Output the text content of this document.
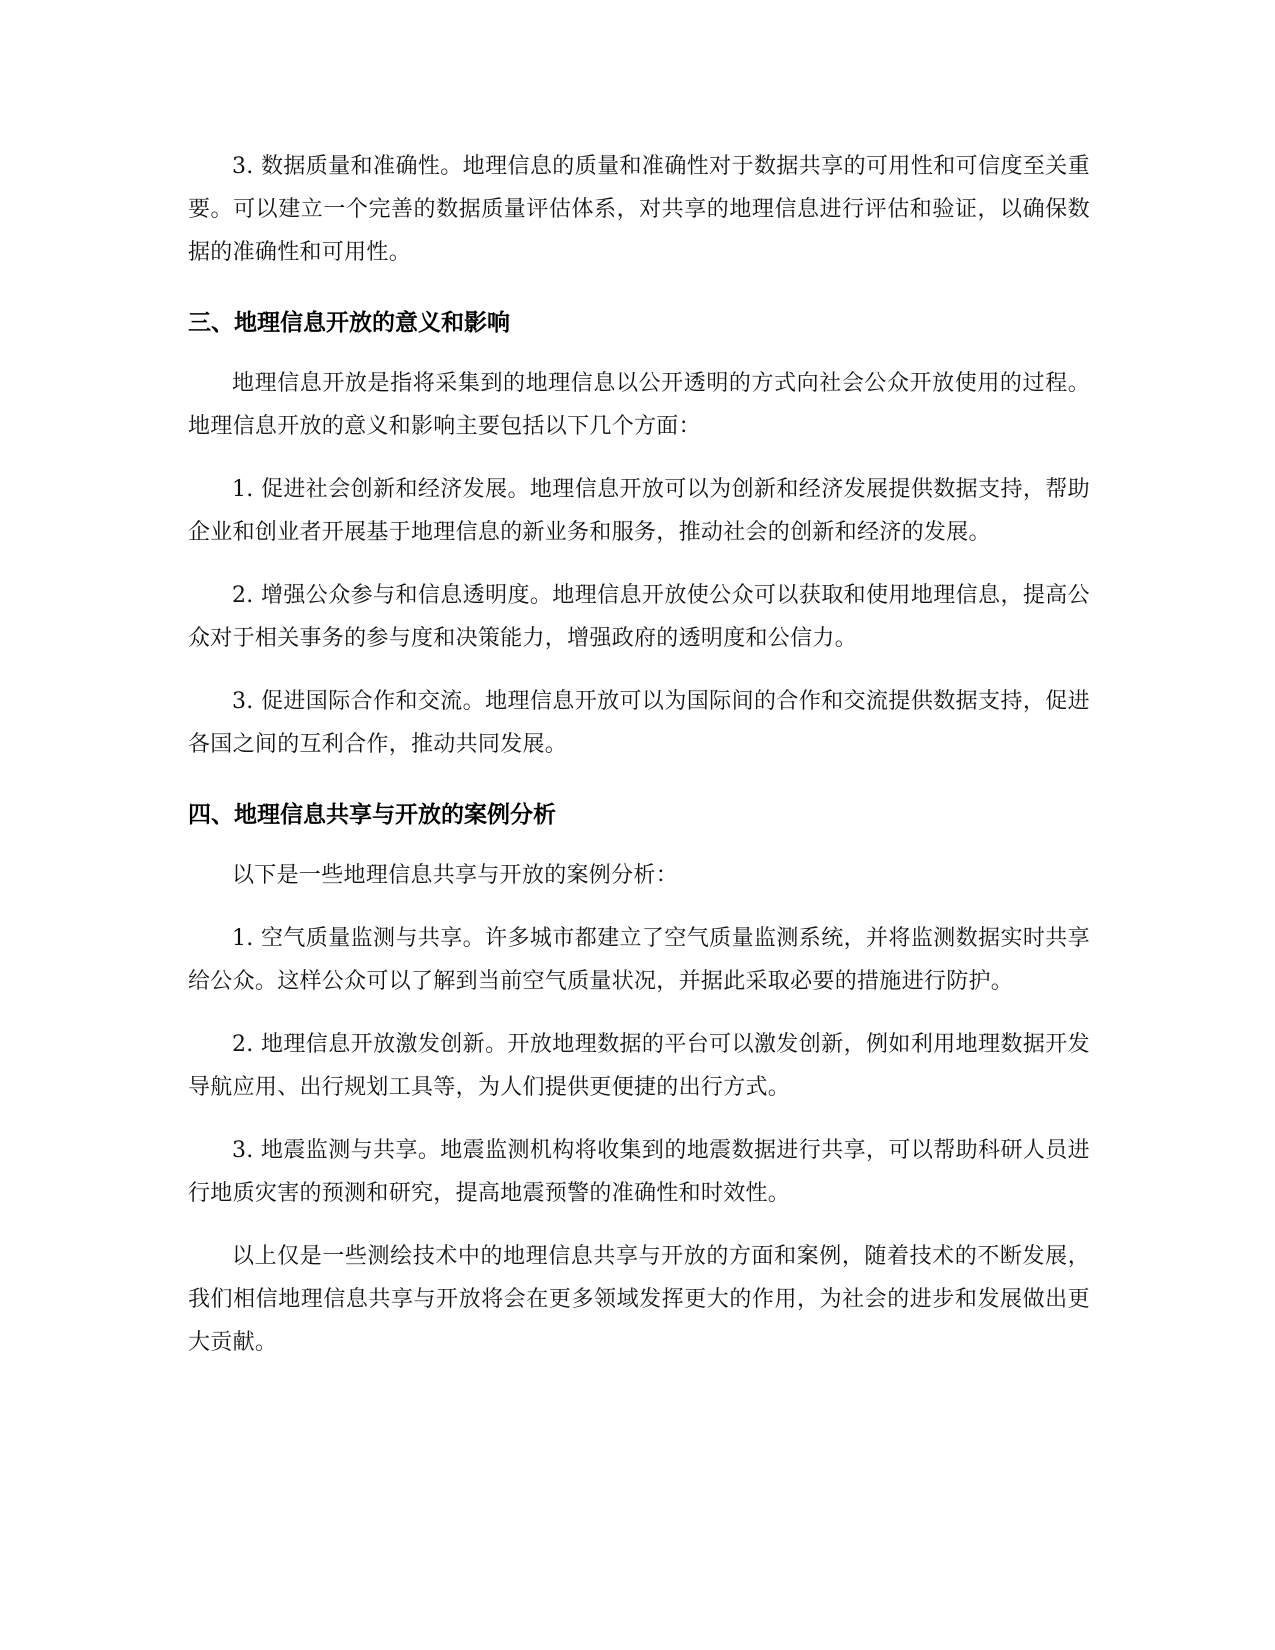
3. 数据质量和准确性。地理信息的质量和准确性对于数据共享的可用性和可信度至关重要。可以建立一个完善的数据质量评估体系，对共享的地理信息进行评估和验证，以确保数据的准确性和可用性。

三、地理信息开放的意义和影响

地理信息开放是指将采集到的地理信息以公开透明的方式向社会公众开放使用的过程。地理信息开放的意义和影响主要包括以下几个方面：

1. 促进社会创新和经济发展。地理信息开放可以为创新和经济发展提供数据支持，帮助企业和创业者开展基于地理信息的新业务和服务，推动社会的创新和经济的发展。

2. 增强公众参与和信息透明度。地理信息开放使公众可以获取和使用地理信息，提高公众对于相关事务的参与度和决策能力，增强政府的透明度和公信力。

3. 促进国际合作和交流。地理信息开放可以为国际间的合作和交流提供数据支持，促进各国之间的互利合作，推动共同发展。

四、地理信息共享与开放的案例分析

以下是一些地理信息共享与开放的案例分析：

1. 空气质量监测与共享。许多城市都建立了空气质量监测系统，并将监测数据实时共享给公众。这样公众可以了解到当前空气质量状况，并据此采取必要的措施进行防护。

2. 地理信息开放激发创新。开放地理数据的平台可以激发创新，例如利用地理数据开发导航应用、出行规划工具等，为人们提供更便捷的出行方式。

3. 地震监测与共享。地震监测机构将收集到的地震数据进行共享，可以帮助科研人员进行地质灾害的预测和研究，提高地震预警的准确性和时效性。

以上仅是一些测绘技术中的地理信息共享与开放的方面和案例，随着技术的不断发展，我们相信地理信息共享与开放将会在更多领域发挥更大的作用，为社会的进步和发展做出更大贡献。
